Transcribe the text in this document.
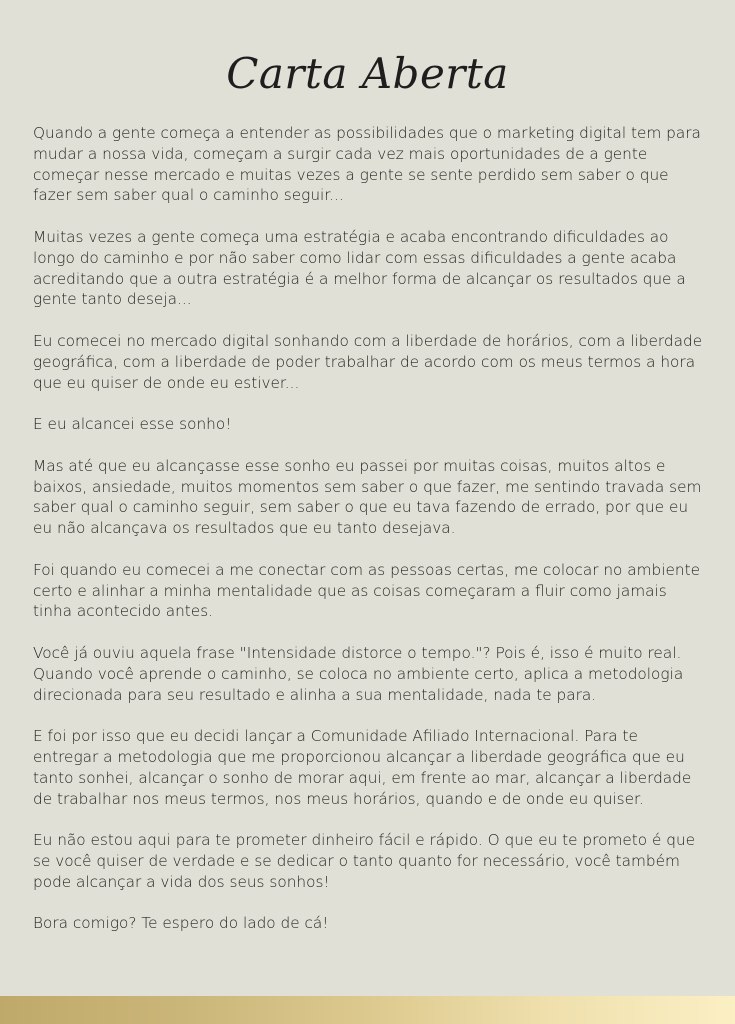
Carta Aberta

Quando a gente começa a entender as possibilidades que o marketing digital tem para mudar a nossa vida, começam a surgir cada vez mais oportunidades de a gente começar nesse mercado e muitas vezes a gente se sente perdido sem saber o que fazer sem saber qual o caminho seguir...

Muitas vezes a gente começa uma estratégia e acaba encontrando dificuldades ao longo do caminho e por não saber como lidar com essas dificuldades a gente acaba acreditando que a outra estratégia é a melhor forma de alcançar os resultados que a gente tanto deseja...

Eu comecei no mercado digital sonhando com a liberdade de horários, com a liberdade geográfica, com a liberdade de poder trabalhar de acordo com os meus termos a hora que eu quiser de onde eu estiver...

E eu alcancei esse sonho!

Mas até que eu alcançasse esse sonho eu passei por muitas coisas, muitos altos e baixos, ansiedade, muitos momentos sem saber o que fazer, me sentindo travada sem saber qual o caminho seguir, sem saber o que eu tava fazendo de errado, por que eu eu não alcançava os resultados que eu tanto desejava.

Foi quando eu comecei a me conectar com as pessoas certas, me colocar no ambiente certo e alinhar a minha mentalidade que as coisas começaram a fluir como jamais tinha acontecido antes.

Você já ouviu aquela frase "Intensidade distorce o tempo."? Pois é, isso é muito real. Quando você aprende o caminho, se coloca no ambiente certo, aplica a metodologia direcionada para seu resultado e alinha a sua mentalidade, nada te para.

E foi por isso que eu decidi lançar a Comunidade Afiliado Internacional. Para te entregar a metodologia que me proporcionou alcançar a liberdade geográfica que eu tanto sonhei, alcançar o sonho de morar aqui, em frente ao mar, alcançar a liberdade de trabalhar nos meus termos, nos meus horários, quando e de onde eu quiser.

Eu não estou aqui para te prometer dinheiro fácil e rápido. O que eu te prometo é que se você quiser de verdade e se dedicar o tanto quanto for necessário, você também pode alcançar a vida dos seus sonhos!

Bora comigo? Te espero do lado de cá!
